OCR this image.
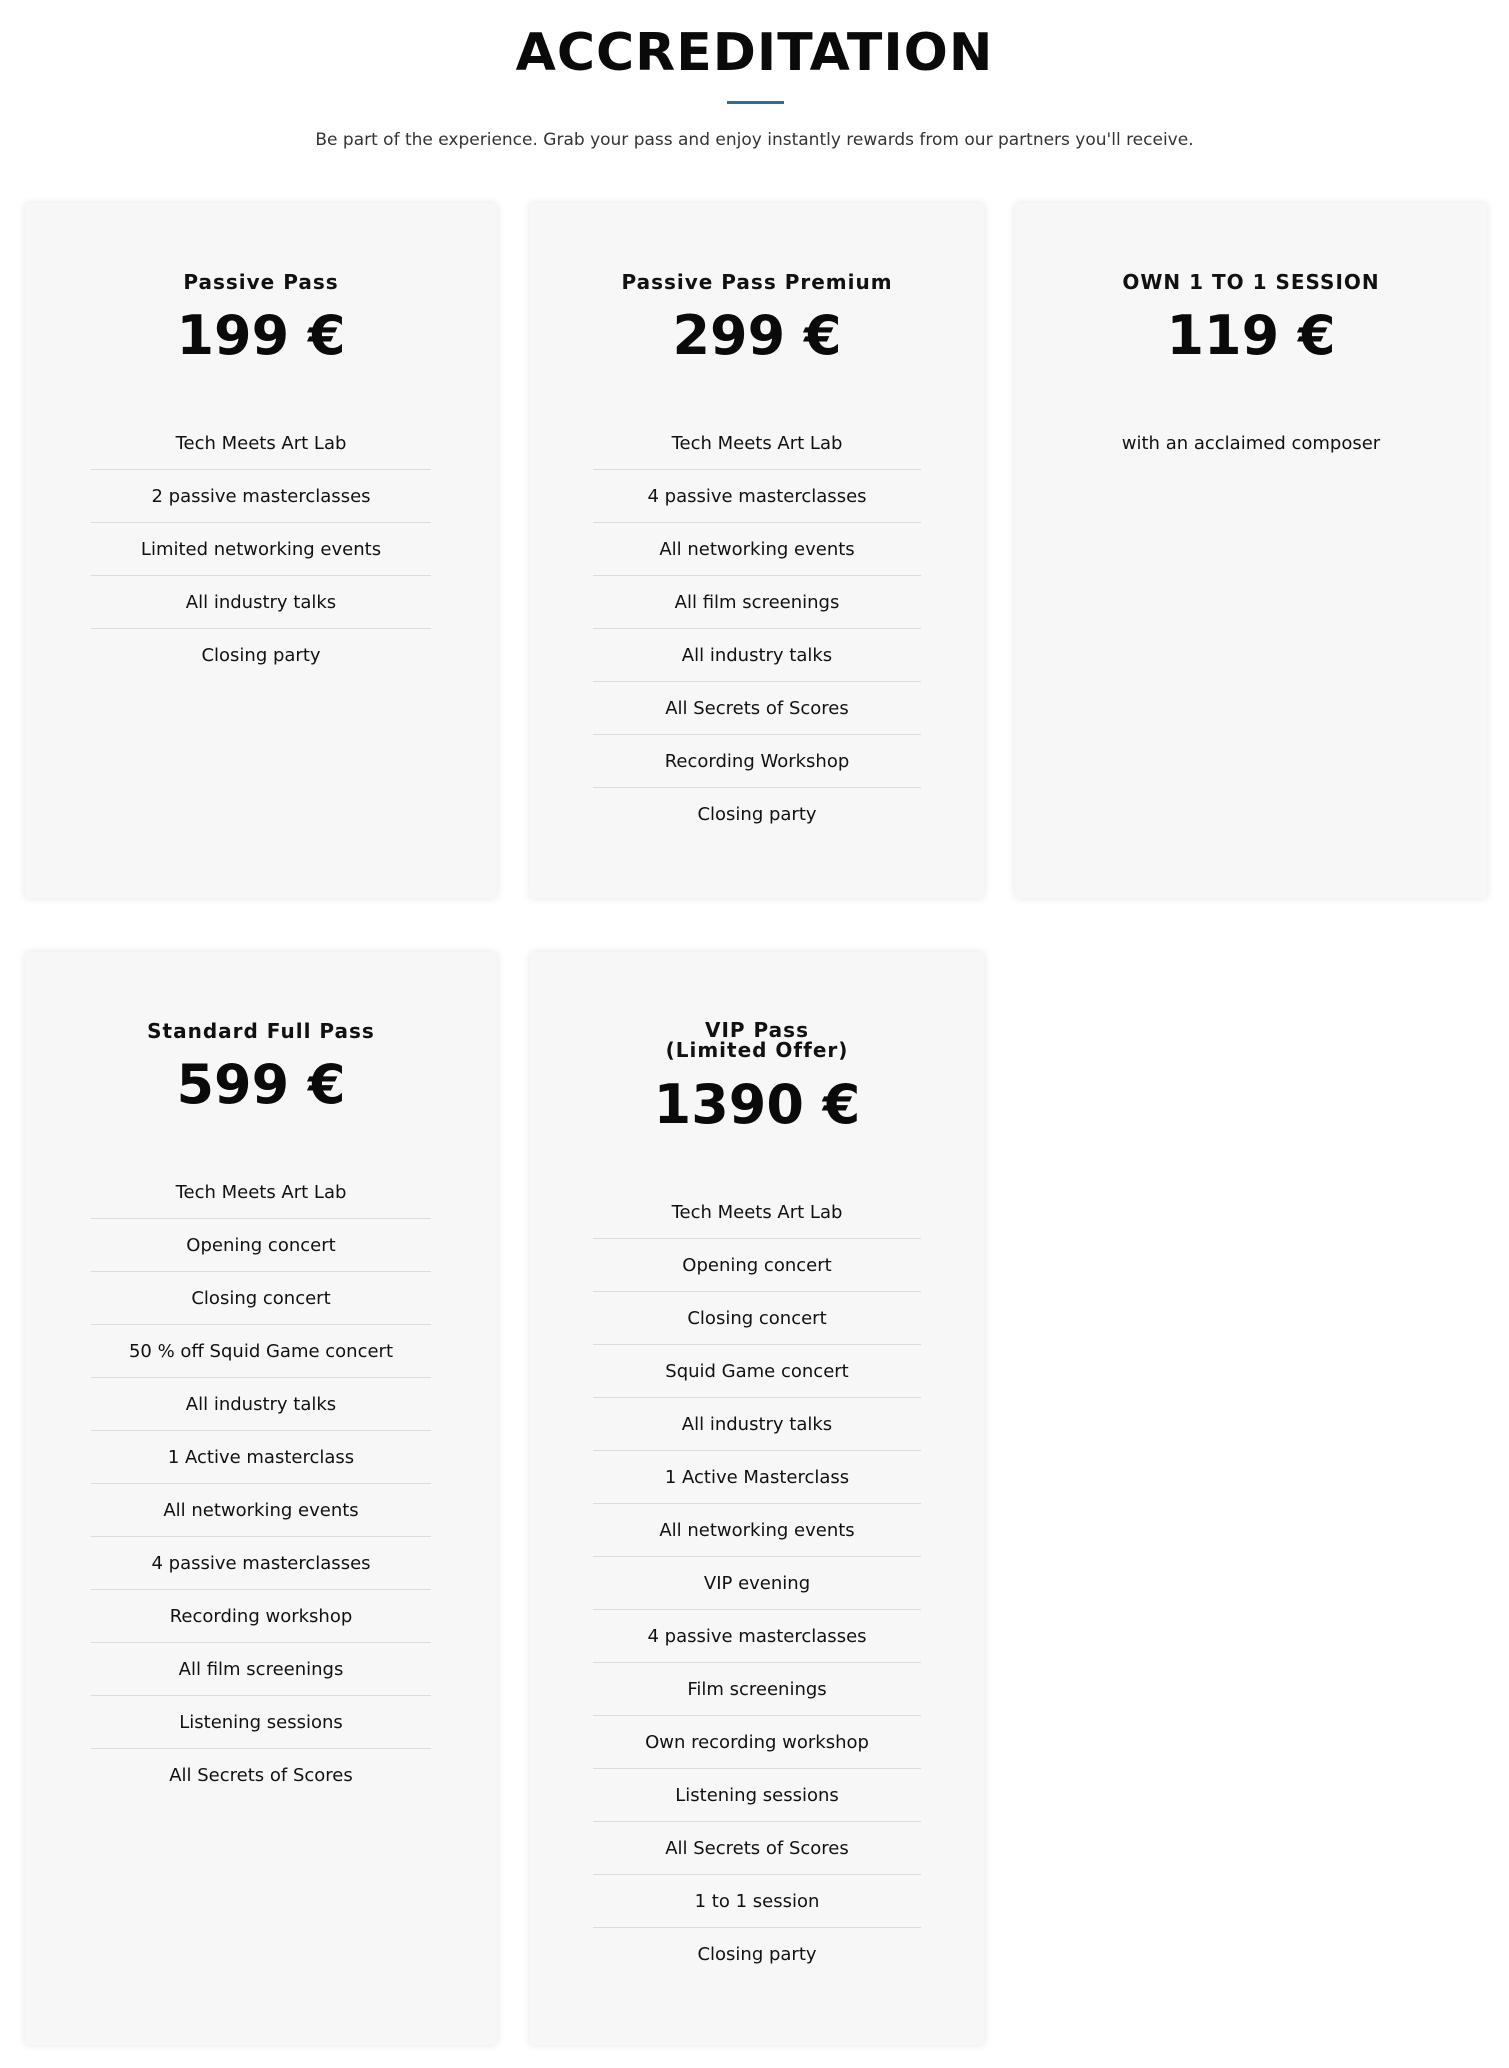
ACCREDITATION

Be part of the experience. Grab your pass and enjoy instantly rewards from our partners you'll receive.

Passive Pass
199 €
Tech Meets Art Lab
2 passive masterclasses
Limited networking events
All industry talks
Closing party
Passive Pass Premium
299 €
Tech Meets Art Lab
4 passive masterclasses
All networking events
All film screenings
All industry talks
All Secrets of Scores
Recording Workshop
Closing party
OWN 1 TO 1 SESSION
119 €
with an acclaimed composer
Standard Full Pass
599 €
Tech Meets Art Lab
Opening concert
Closing concert
50 % off Squid Game concert
All industry talks
1 Active masterclass
All networking events
4 passive masterclasses
Recording workshop
All film screenings
Listening sessions
All Secrets of Scores
VIP Pass
(Limited Offer)
1390 €
Tech Meets Art Lab
Opening concert
Closing concert
Squid Game concert
All industry talks
1 Active Masterclass
All networking events
VIP evening
4 passive masterclasses
Film screenings
Own recording workshop
Listening sessions
All Secrets of Scores
1 to 1 session
Closing party
